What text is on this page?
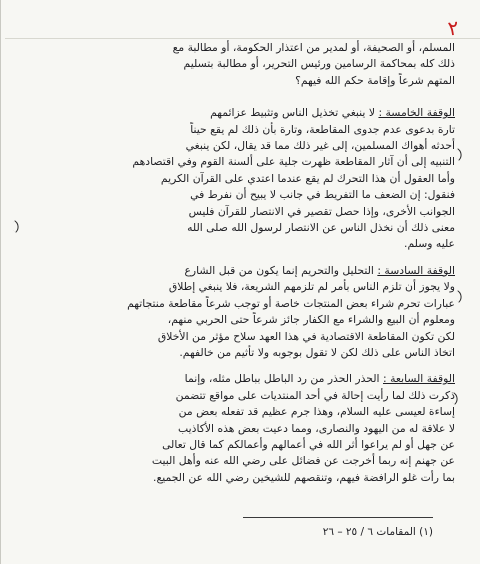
٢
المسلم، أو الصحيفة، أو لمدير من اعتذار الحكومة، أو مطالبة مع
ذلك كله بمحاكمة الرسامين ورئيس التحرير، أو مطالبة بتسليم
المتهم شرعاً وإقامة حكم الله فيهم؟
الوقفة الخامسة : لا ينبغي تخذيل الناس وتثبيط عزائمهم
تارة بدعوى عدم جدوى المقاطعة، وتارة بأن ذلك لم يقع حيناً
أحدثه أهواك المسلمين، إلى غير ذلك مما قد يقال، لكن ينبغي
التنبيه إلى أن آثار المقاطعة ظهرت جلية على ألسنة القوم وفي اقتصادهم
وأما العقول أن هذا التحرك لم يقع عندما اعتدي على القرآن الكريم
فنقول: إن الضعف ما التفريط في جانب لا يبيح أن نفرط في
الجوانب الأخرى، وإذا حصل تقصير في الانتصار للقرآن فليس
معنى ذلك أن نخذل الناس عن الانتصار لرسول الله صلى الله
عليه وسلم.
الوقفة السادسة : التحليل والتحريم إنما يكون من قبل الشارع
ولا يجوز أن تلزم الناس بأمر لم تلزمهم الشريعة، فلا ينبغي إطلاق
عبارات تحرم شراء بعض المنتجات خاصة أو توجب شرعاً مقاطعة منتجاتهم
ومعلوم أن البيع والشراء مع الكفار جائز شرعاً حتى الحربي منهم،
لكن تكون المقاطعة الاقتصادية في هذا العهد سلاح مؤثر من الأخلاق
اتخاذ الناس على ذلك لكن لا تقول بوجوبه ولا تأثيم من خالفهم.
الوقفة السابعة : الحذر الحذر من رد الباطل بباطل مثله، وإنما
ذكرت ذلك لما رأيت إحالة في أحد المنتديات على مواقع تتضمن
إساءة لعيسى عليه السلام، وهذا جرم عظيم قد تفعله بعض من
لا علاقة له من اليهود والنصارى، ومما دعيت بعض هذه الأكاذيب
عن جهل أو لم يراعوا أثر الله في أعمالهم وأعمالكم كما قال تعالى
عن جهنم إنه ربما أخرجت عن فضائل على رضي الله عنه وأهل البيت
بما رأت غلو الرافضة فيهم، وتنقصهم للشيخين رضي الله عن الجميع.
(١) المقامات ٦ / ٢٥ – ٢٦
